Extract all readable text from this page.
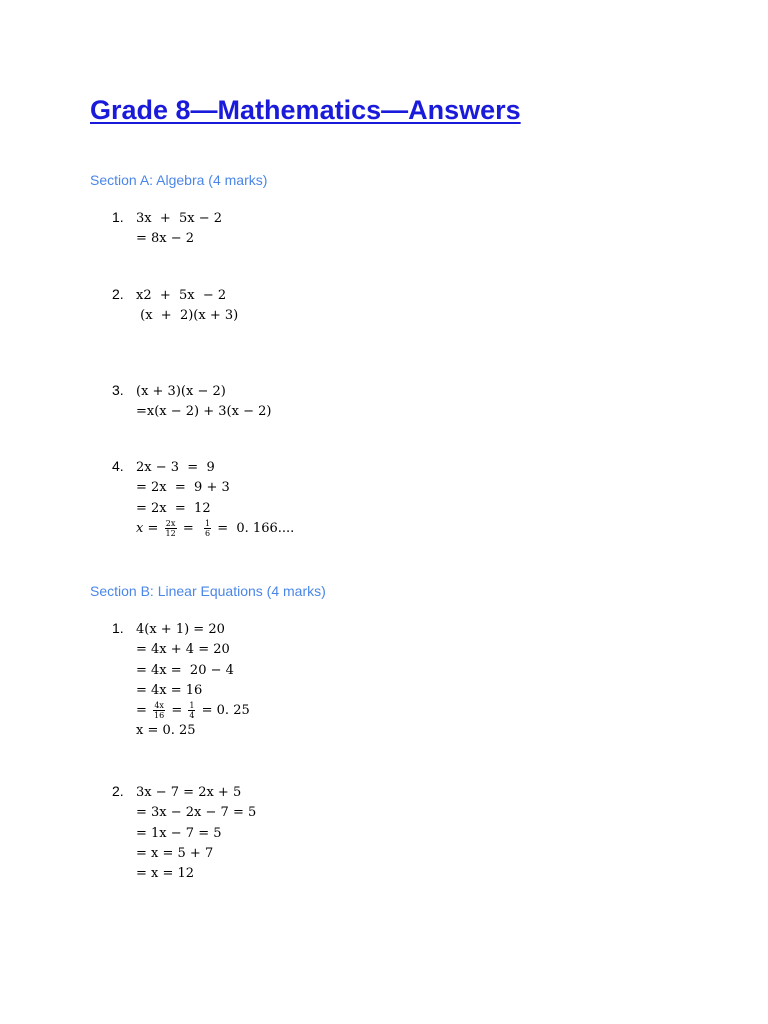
Grade 8—Mathematics—Answers

Section A: Algebra (4 marks)

1. 3x  +  5x − 2
= 8x − 2
2. x2  +  5x  − 2
(x  +  2)(x + 3)
3. (x + 3)(x − 2)
=x(x − 2) + 3(x − 2)
4. 2x − 3  =  9
= 2x  =  9 + 3
= 2x  =  12
$x = \frac{2x}{12} = \frac{1}{6} = 0$. 166....

Section B: Linear Equations (4 marks)

1. 4(x + 1) = 20
= 4x + 4 = 20
= 4x =  20 − 4
= 4x = 16
= $\frac{4x}{16} = \frac{1}{4} = 0$. 25
x = 0. 25
2. 3x − 7 = 2x + 5
= 3x − 2x − 7 = 5
= 1x − 7 = 5
= x = 5 + 7
= x = 12
